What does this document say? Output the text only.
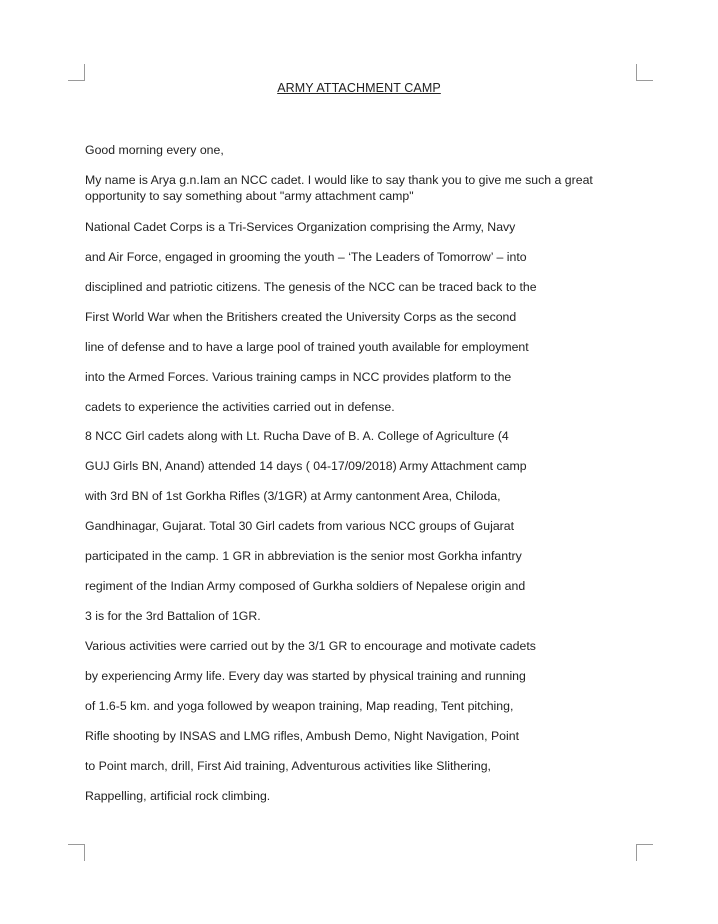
ARMY ATTACHMENT CAMP
Good morning every one,
My name is Arya g.n.Iam an NCC cadet. I would like to say thank you to give me such a great
opportunity to say something about "army attachment camp"
National Cadet Corps is a Tri-Services Organization comprising the Army, Navy
and Air Force, engaged in grooming the youth – ‘The Leaders of Tomorrow’ – into
disciplined and patriotic citizens. The genesis of the NCC can be traced back to the
First World War when the Britishers created the University Corps as the second
line of defense and to have a large pool of trained youth available for employment
into the Armed Forces. Various training camps in NCC provides platform to the
cadets to experience the activities carried out in defense.
8 NCC Girl cadets along with Lt. Rucha Dave of B. A. College of Agriculture (4
GUJ Girls BN, Anand) attended 14 days ( 04-17/09/2018) Army Attachment camp
with 3rd BN of 1st Gorkha Rifles (3/1GR) at Army cantonment Area, Chiloda,
Gandhinagar, Gujarat. Total 30 Girl cadets from various NCC groups of Gujarat
participated in the camp. 1 GR in abbreviation is the senior most Gorkha infantry
regiment of the Indian Army composed of Gurkha soldiers of Nepalese origin and
3 is for the 3rd Battalion of 1GR.
Various activities were carried out by the 3/1 GR to encourage and motivate cadets
by experiencing Army life. Every day was started by physical training and running
of 1.6-5 km. and yoga followed by weapon training, Map reading, Tent pitching,
Rifle shooting by INSAS and LMG rifles, Ambush Demo, Night Navigation, Point
to Point march, drill, First Aid training, Adventurous activities like Slithering,
Rappelling, artificial rock climbing.
